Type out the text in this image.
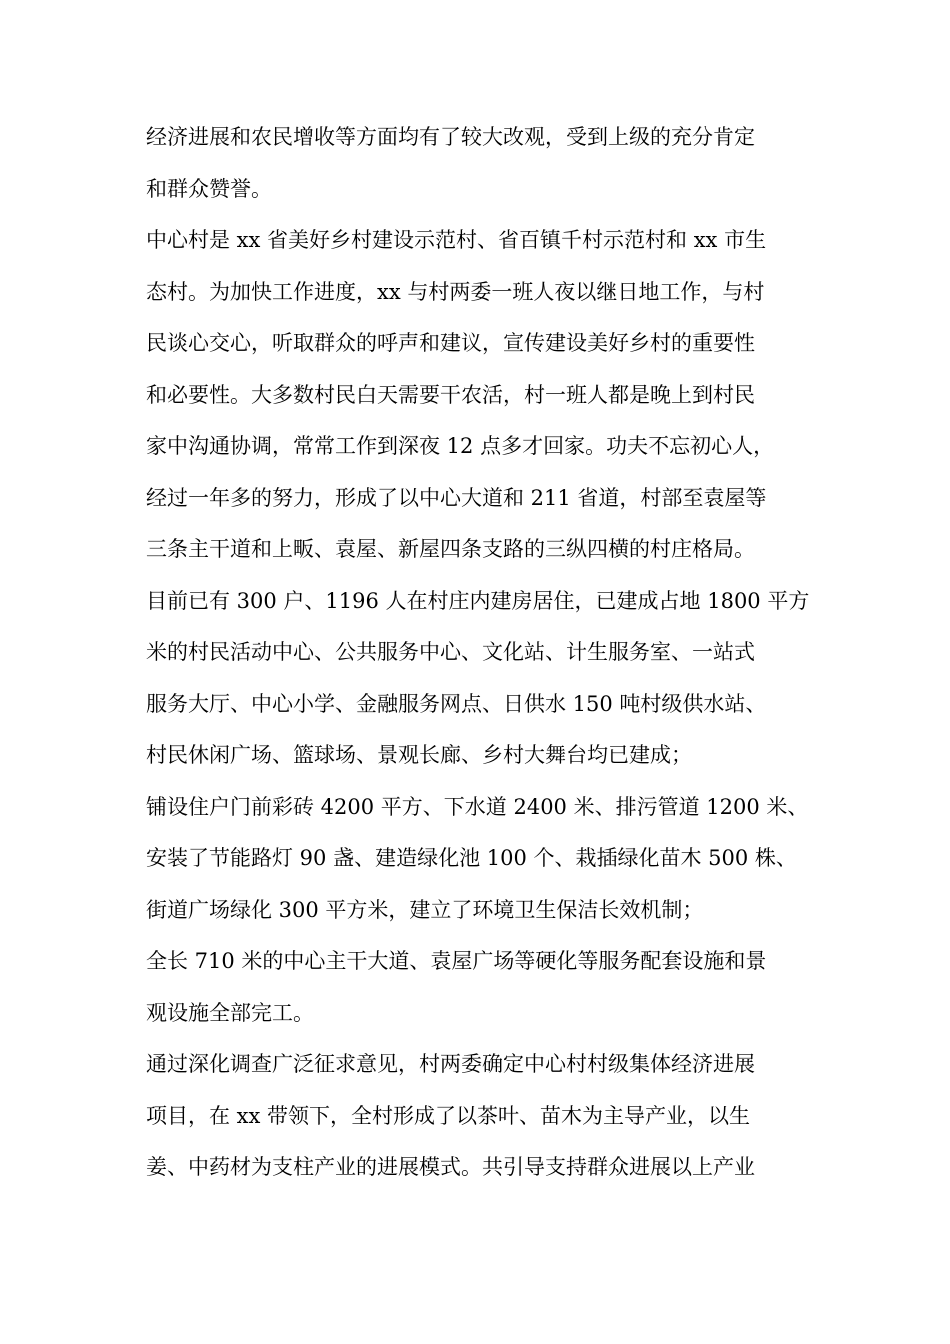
经济进展和农民增收等方面均有了较大改观，受到上级的充分肯定
和群众赞誉。
中心村是 xx 省美好乡村建设示范村、省百镇千村示范村和 xx 市生
态村。为加快工作进度，xx 与村两委一班人夜以继日地工作，与村
民谈心交心，听取群众的呼声和建议，宣传建设美好乡村的重要性
和必要性。大多数村民白天需要干农活，村一班人都是晚上到村民
家中沟通协调，常常工作到深夜 12 点多才回家。功夫不忘初心人，
经过一年多的努力，形成了以中心大道和 211 省道，村部至袁屋等
三条主干道和上畈、袁屋、新屋四条支路的三纵四横的村庄格局。
目前已有 300 户、1196 人在村庄内建房居住，已建成占地 1800 平方
米的村民活动中心、公共服务中心、文化站、计生服务室、一站式
服务大厅、中心小学、金融服务网点、日供水 150 吨村级供水站、
村民休闲广场、篮球场、景观长廊、乡村大舞台均已建成；
铺设住户门前彩砖 4200 平方、下水道 2400 米、排污管道 1200 米、
安装了节能路灯 90 盏、建造绿化池 100 个、栽插绿化苗木 500 株、
街道广场绿化 300 平方米，建立了环境卫生保洁长效机制；
全长 710 米的中心主干大道、袁屋广场等硬化等服务配套设施和景
观设施全部完工。
通过深化调查广泛征求意见，村两委确定中心村村级集体经济进展
项目，在 xx 带领下，全村形成了以茶叶、苗木为主导产业，以生
姜、中药材为支柱产业的进展模式。共引导支持群众进展以上产业
